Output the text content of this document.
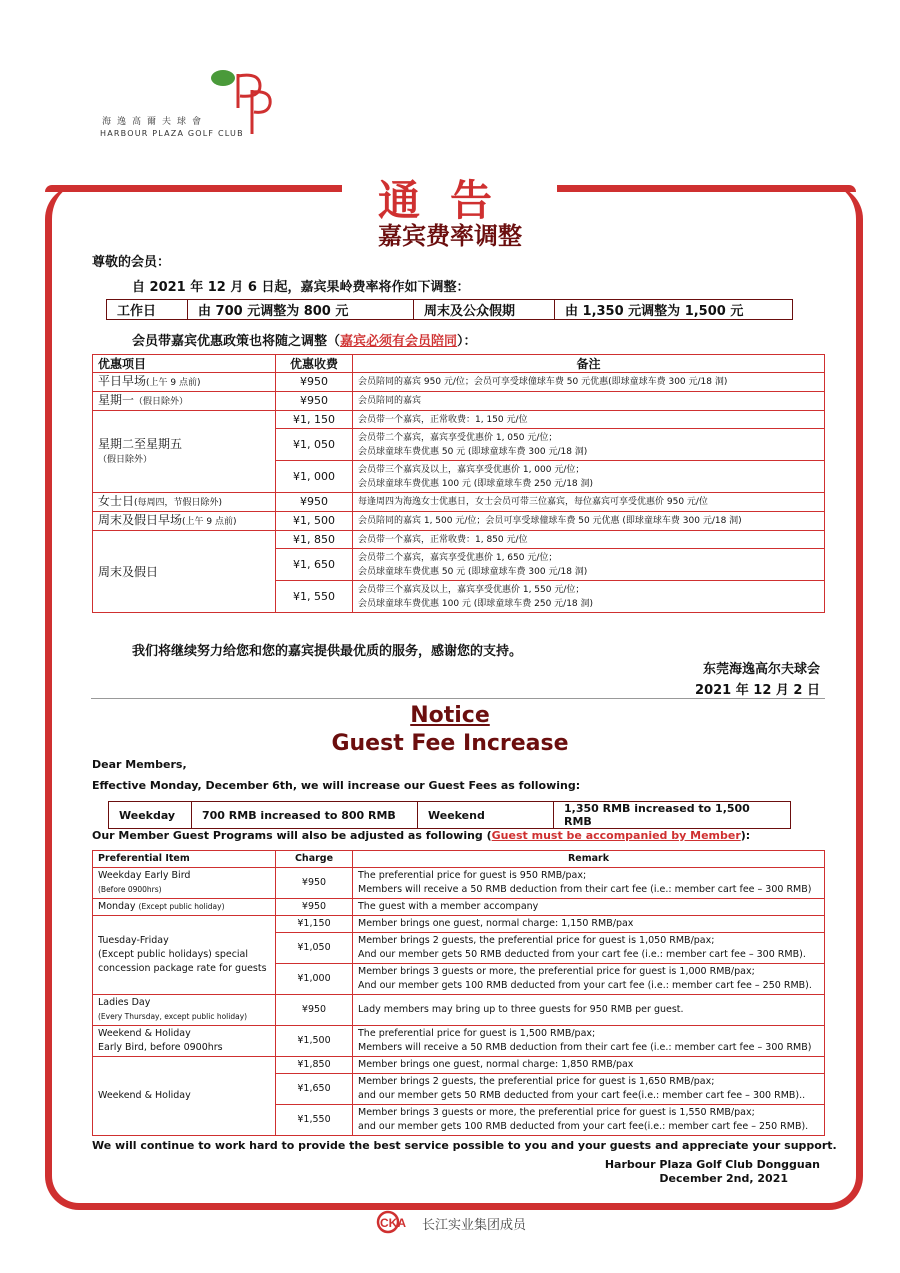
海逸高爾夫球會
HARBOUR PLAZA GOLF CLUB
通告
嘉宾费率调整
尊敬的会员：
自 2021 年 12 月 6 日起，嘉宾果岭费率将作如下调整：
工作日	由 700 元调整为 800 元	周末及公众假期	由 1,350 元调整为 1,500 元
会员带嘉宾优惠政策也将随之调整（嘉宾必须有会员陪同）：
优惠项目	优惠收费	备注
平日早场(上午 9 点前)	¥950	会员陪同的嘉宾 950 元/位；会员可享受球僮球车费 50 元优惠(即球童球车费 300 元/18 洞)
星期一（假日除外）	¥950	会员陪同的嘉宾
星期二至星期五
（假日除外）	¥1, 150	会员带一个嘉宾，正常收费：1, 150 元/位
	¥1, 050	会员带二个嘉宾，嘉宾享受优惠价 1, 050 元/位；
会员球童球车费优惠 50 元 (即球童球车费 300 元/18 洞)
	¥1, 000	会员带三个嘉宾及以上，嘉宾享受优惠价 1, 000 元/位；
会员球童球车费优惠 100 元 (即球童球车费 250 元/18 洞)
女士日(每周四，节假日除外)	¥950	每逢周四为海逸女士优惠日，女士会员可带三位嘉宾，每位嘉宾可享受优惠价 950 元/位
周末及假日早场(上午 9 点前)	¥1, 500	会员陪同的嘉宾 1, 500 元/位；会员可享受球僮球车费 50 元优惠 (即球童球车费 300 元/18 洞)
周末及假日	¥1, 850	会员带一个嘉宾，正常收费：1, 850 元/位
	¥1, 650	会员带二个嘉宾，嘉宾享受优惠价 1, 650 元/位；
会员球童球车费优惠 50 元 (即球童球车费 300 元/18 洞)
	¥1, 550	会员带三个嘉宾及以上，嘉宾享受优惠价 1, 550 元/位；
会员球童球车费优惠 100 元 (即球童球车费 250 元/18 洞)
我们将继续努力给您和您的嘉宾提供最优质的服务，感谢您的支持。
东莞海逸高尔夫球会
2021 年 12 月 2 日
Notice
Guest Fee Increase
Dear Members,
Effective Monday, December 6th, we will increase our Guest Fees as following:
Weekday	700 RMB increased to 800 RMB	Weekend	1,350 RMB increased to 1,500 RMB
Our Member Guest Programs will also be adjusted as following (Guest must be accompanied by Member):
Preferential Item	Charge	Remark
Weekday Early Bird
(Before 0900hrs)	¥950	The preferential price for guest is 950 RMB/pax;
Members will receive a 50 RMB deduction from their cart fee (i.e.: member cart fee – 300 RMB)
Monday (Except public holiday)	¥950	The guest with a member accompany
Tuesday-Friday
(Except public holidays) special concession package rate for guests	¥1,150	Member brings one guest, normal charge: 1,150 RMB/pax
	¥1,050	Member brings 2 guests, the preferential price for guest is 1,050 RMB/pax;
And our member gets 50 RMB deducted from your cart fee (i.e.: member cart fee – 300 RMB).
	¥1,000	Member brings 3 guests or more, the preferential price for guest is 1,000 RMB/pax;
And our member gets 100 RMB deducted from your cart fee (i.e.: member cart fee – 250 RMB).
Ladies Day
(Every Thursday, except public holiday)	¥950	Lady members may bring up to three guests for 950 RMB per guest.
Weekend & Holiday
Early Bird, before 0900hrs	¥1,500	The preferential price for guest is 1,500 RMB/pax;
Members will receive a 50 RMB deduction from their cart fee (i.e.: member cart fee – 300 RMB)
Weekend & Holiday	¥1,850	Member brings one guest, normal charge: 1,850 RMB/pax
	¥1,650	Member brings 2 guests, the preferential price for guest is 1,650 RMB/pax;
and our member gets 50 RMB deducted from your cart fee(i.e.: member cart fee – 300 RMB)..
	¥1,550	Member brings 3 guests or more, the preferential price for guest is 1,550 RMB/pax;
and our member gets 100 RMB deducted from your cart fee(i.e.: member cart fee – 250 RMB).
We will continue to work hard to provide the best service possible to you and your guests and appreciate your support.
Harbour Plaza Golf Club Dongguan
December 2nd, 2021
CKA 长江实业集团成员
